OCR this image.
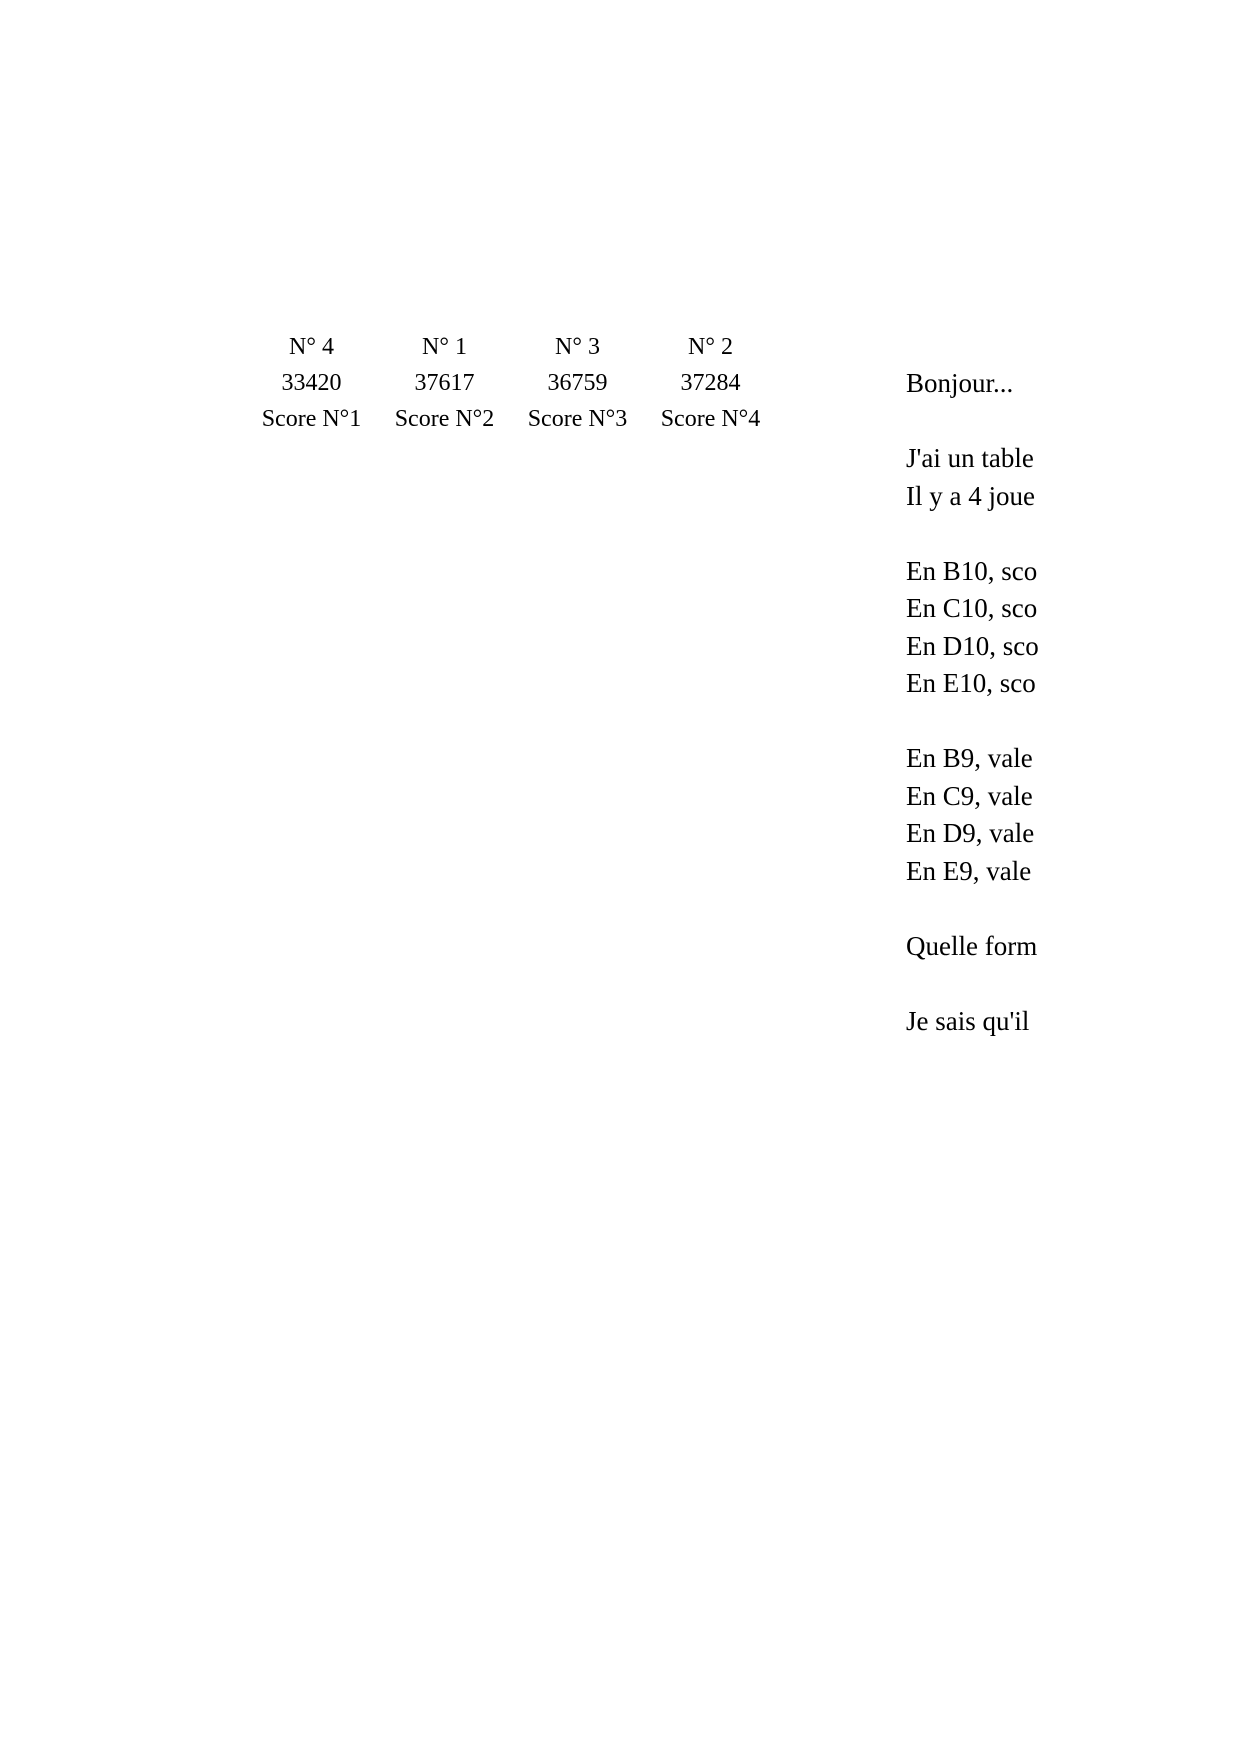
N° 4	N° 1	N° 3	N° 2
33420	37617	36759	37284
Score N°1	Score N°2	Score N°3	Score N°4
Bonjour...
J'ai un table
Il y a 4 joue
En B10, sco
En C10, sco
En D10, sco
En E10, sco
En B9, vale
En C9, vale
En D9, vale
En E9, vale
Quelle form
Je sais qu'il
